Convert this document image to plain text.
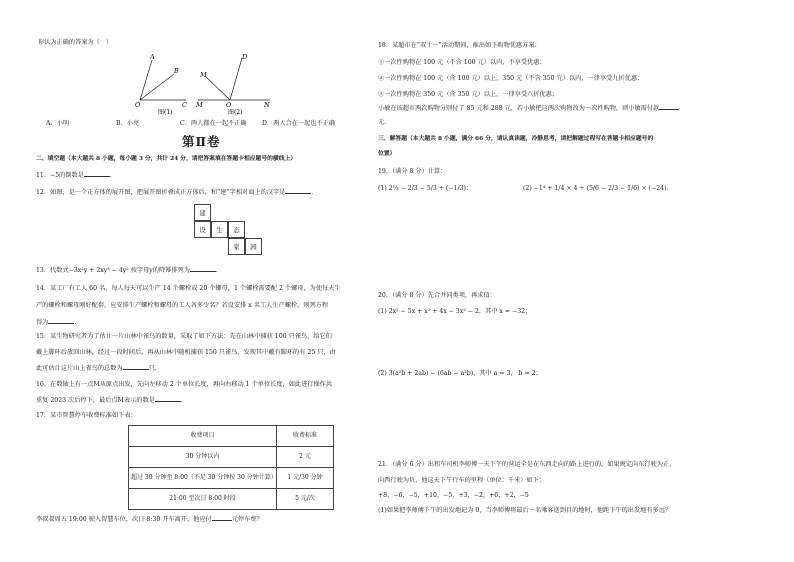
你认为正确的答案为（　）
A
B
O	C
图(1)
M
D
M	O	N
图(2)
A．小明	B．小亮	C．两人都在一起不正确 D．两人合在一起也不正确
第Ⅱ卷
二、填空题（本大题共 8 小题，每小题 3 分，共计 24 分，请把答案填在答题卡相应题号的横线上）
11．−5的倒数是	．
12．如图，是一个正方体的展开图，把展开图折叠成正方体后，和“建”字相对面上的汉字是	．
建
设	生	态
家	园
13．代数式−3x²y + 2xy³ − 4y² 按字母y的降幂排列为	．
14．某工厂有工人 60 名，每人每天可以生产 14 个螺栓或 20 个螺母，1 个螺栓需要配 2 个螺母，为使每天生
产的螺栓和螺母刚好配套，应安排生产螺栓和螺母的工人各多少名？若设安排 x 名工人生产螺栓，则列方程
得为	．
15．某生物研究者为了估计一片山林中雀鸟的数量，采取了如下方法：先在山林中捕获 100 只雀鸟，给它们
戴上脚环后放回山林，经过一段时间后，再从山林中随机捕获 150 只雀鸟，发现其中戴有脚环的有 25 只，由
此可估计这片山上雀鸟的总数为	只．
16．在数轴上有一点M从原点出发，先向左移动 2 个单位长度，再向右移动 1 个单位长度，如此进行操作共
重复 2023 次后停下，最后点M表示的数是	．
17．某市智慧停车收费标准如下表：
收费项目	收费标准
30 分钟以内	2 元
超过 30 分钟至 8:00（不足 30 分钟按 30 分钟计算）	1 元/30 分钟
21:00 至次日 8:00 时段	5 元/次
李叔叔周五 19:00 驶入智慧车位，次日 8:30 开车离开，他应付	元停车费？
18．某超市在“双十一”活动期间，推出如下购物优惠方案：
①一次性购物在 100 元（不含 100 元）以内，不享受优惠；
②一次性购物在 100 元（含 100 元）以上，350 元（不含 350 元）以内，一律享受九折优惠；
③一次性购物在 350 元（含 350 元）以上，一律享受八折优惠；
小敏在该超市两次购物分别付了 85 元和 288 元，若小敏把这两次购物改为一次性购物，则小敏需付款
元．
三、解答题（本大题共 8 小题，满分 66 分，请认真读题，冷静思考，请把解题过程写在答题卡相应题号的
位置）
19．（满分 8 分）计算：
(1) 2⅓ − 2/3 − 5/3 + (−1/3)；	(2) −1⁴ + 1/4 × 4 ÷ (5/6 − 2/3 − 1/6) × (−24)．
20．（满分 8 分）先合并同类项，再求值：
(1) 2x² − 5x + x² + 4x − 3x² − 2，其中 x = −32；
(2) 3(a²b + 2ab) − (6ab − a²b)，其中 a = 3， b = 2；
21．（满分 6 分）出租车司机李师傅一天下午的营运全是在东西走向的路上进行的，如果规定向东行驶为正，
向西行驶为负，他这天下午行车的里程（单位：千米）如下：
+8，−6，−5，+10，−5，+3，−2，+6，+2，−5
(1)如果把李师傅下午的出发地记为 0，当李师傅将最后一名乘客送到目的地时，他距下午的出发地有多远？
